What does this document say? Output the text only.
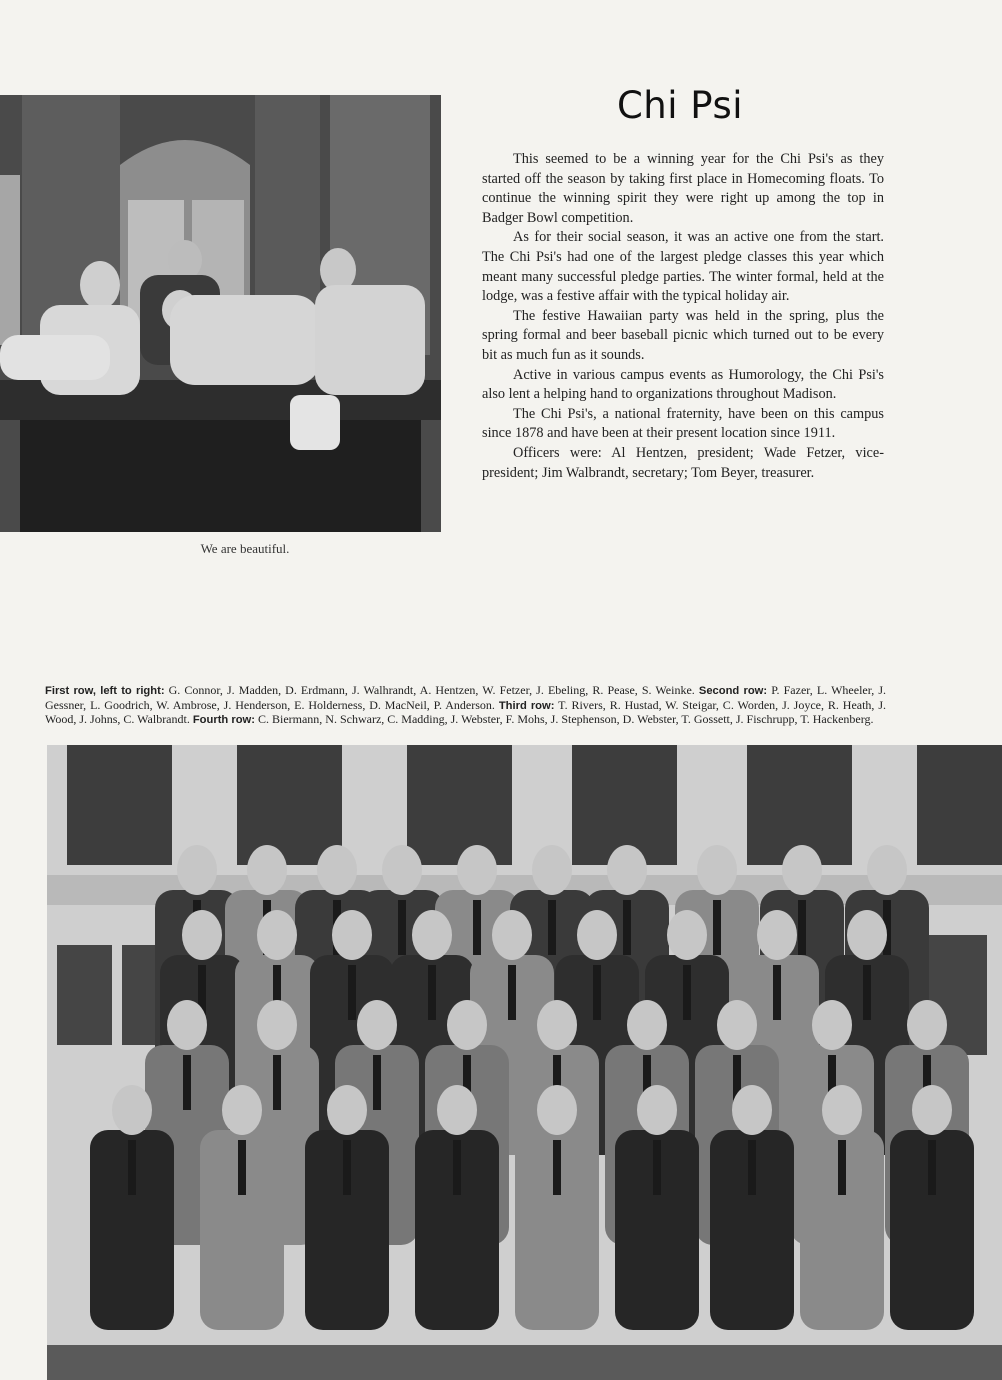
We are beautiful.
Chi Psi

This seemed to be a winning year for the Chi Psi's as they started off the season by taking first place in Homecoming floats. To continue the winning spirit they were right up among the top in Badger Bowl competition.

As for their social season, it was an active one from the start. The Chi Psi's had one of the largest pledge classes this year which meant many successful pledge parties. The winter formal, held at the lodge, was a festive affair with the typical holiday air.

The festive Hawaiian party was held in the spring, plus the spring formal and beer baseball picnic which turned out to be every bit as much fun as it sounds.

Active in various campus events as Humorology, the Chi Psi's also lent a helping hand to organizations throughout Madison.

The Chi Psi's, a national fraternity, have been on this campus since 1878 and have been at their present location since 1911.

Officers were: Al Hentzen, president; Wade Fetzer, vice-president; Jim Walbrandt, secretary; Tom Beyer, treasurer.

First row, left to right: G. Connor, J. Madden, D. Erdmann, J. Walhrandt, A. Hentzen, W. Fetzer, J. Ebeling, R. Pease, S. Weinke. Second row: P. Fazer, L. Wheeler, J. Gessner, L. Goodrich, W. Ambrose, J. Henderson, E. Holderness, D. MacNeil, P. Anderson. Third row: T. Rivers, R. Hustad, W. Steigar, C. Worden, J. Joyce, R. Heath, J. Wood, J. Johns, C. Walbrandt. Fourth row: C. Biermann, N. Schwarz, C. Madding, J. Webster, F. Mohs, J. Stephenson, D. Webster, T. Gossett, J. Fischrupp, T. Hackenberg.
